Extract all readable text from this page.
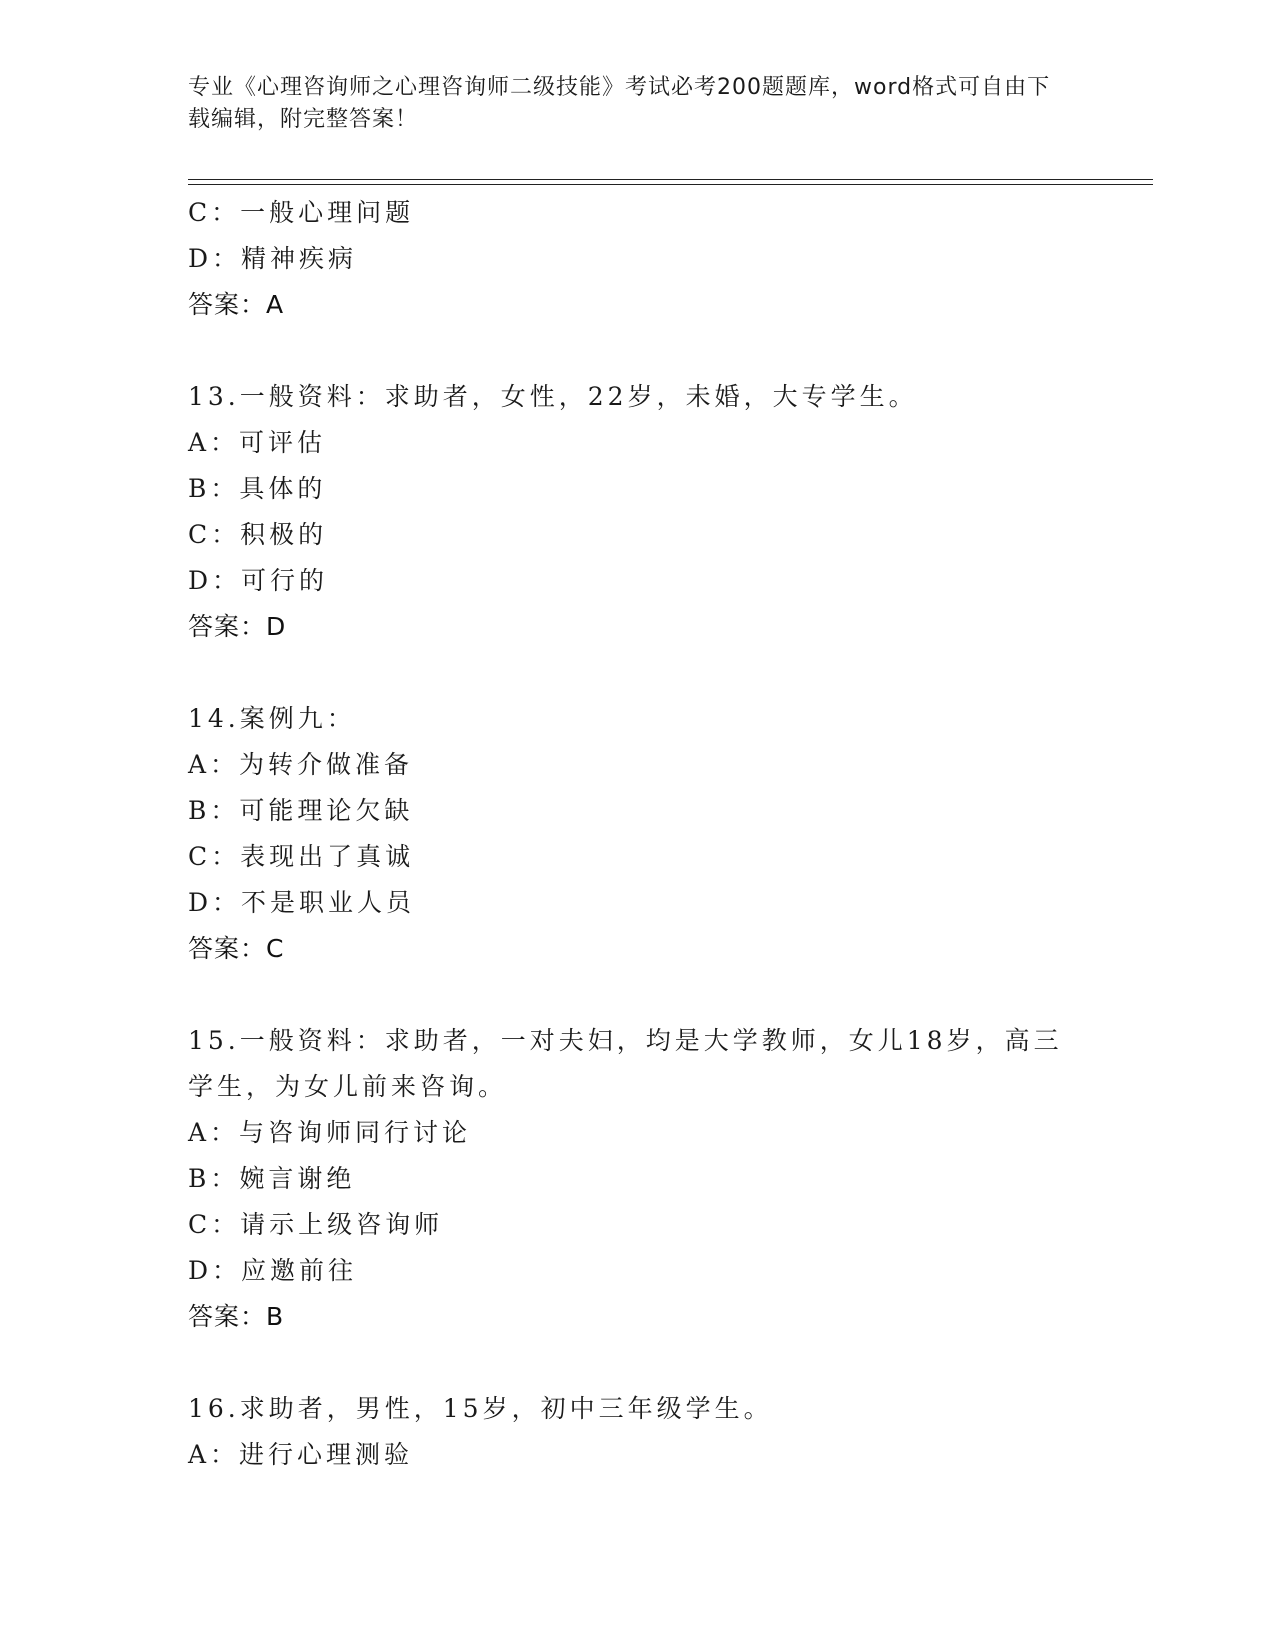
专业《心理咨询师之心理咨询师二级技能》考试必考200题题库，word格式可自由下载编辑，附完整答案！
C：一般心理问题
D：精神疾病
答案：A
13.一般资料：求助者，女性，22岁，未婚，大专学生。
A：可评估
B：具体的
C：积极的
D：可行的
答案：D
14.案例九：
A：为转介做准备
B：可能理论欠缺
C：表现出了真诚
D：不是职业人员
答案：C
15.一般资料：求助者，一对夫妇，均是大学教师，女儿18岁，高三学生，为女儿前来咨询。
A：与咨询师同行讨论
B：婉言谢绝
C：请示上级咨询师
D：应邀前往
答案：B
16.求助者，男性，15岁，初中三年级学生。
A：进行心理测验
